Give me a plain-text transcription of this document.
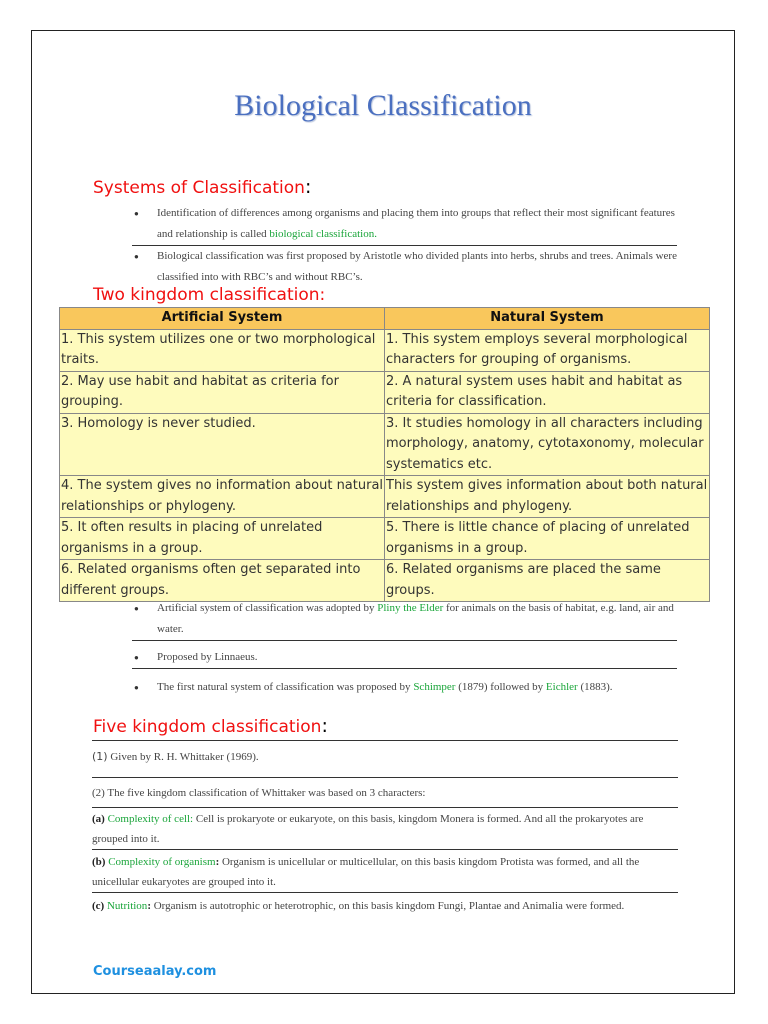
Biological Classification
Systems of Classification:
●	Identification of differences among organisms and placing them into groups that reflect their most significant features and relationship is called biological classification.
●	Biological classification was first proposed by Aristotle who divided plants into herbs, shrubs and trees. Animals were classified into with RBC’s and without RBC’s.
Two kingdom classification:
Artificial System	Natural System
1. This system utilizes one or two morphological traits.	1. This system employs several morphological characters for grouping of organisms.
2. May use habit and habitat as criteria for grouping.	2. A natural system uses habit and habitat as criteria for classification.
3. Homology is never studied.	3. It studies homology in all characters including morphology, anatomy, cytotaxonomy, molecular systematics etc.
4. The system gives no information about natural relationships or phylogeny.	This system gives information about both natural relationships and phylogeny.
5. It often results in placing of unrelated organisms in a group.	5. There is little chance of placing of unrelated organisms in a group.
6. Related organisms often get separated into different groups.	6. Related organisms are placed the same groups.
●	Artificial system of classification was adopted by Pliny the Elder for animals on the basis of habitat, e.g. land, air and water.
●	Proposed by Linnaeus.
●	The first natural system of classification was proposed by Schimper (1879) followed by Eichler (1883).
Five kingdom classification:
(1) Given by R. H. Whittaker (1969).
(2) The five kingdom classification of Whittaker was based on 3 characters:
(a) Complexity of cell: Cell is prokaryote or eukaryote, on this basis, kingdom Monera is formed. And all the prokaryotes are grouped into it.
(b) Complexity of organism: Organism is unicellular or multicellular, on this basis kingdom Protista was formed, and all the unicellular eukaryotes are grouped into it.
(c) Nutrition: Organism is autotrophic or heterotrophic, on this basis kingdom Fungi, Plantae and Animalia were formed.
Courseaalay.com
